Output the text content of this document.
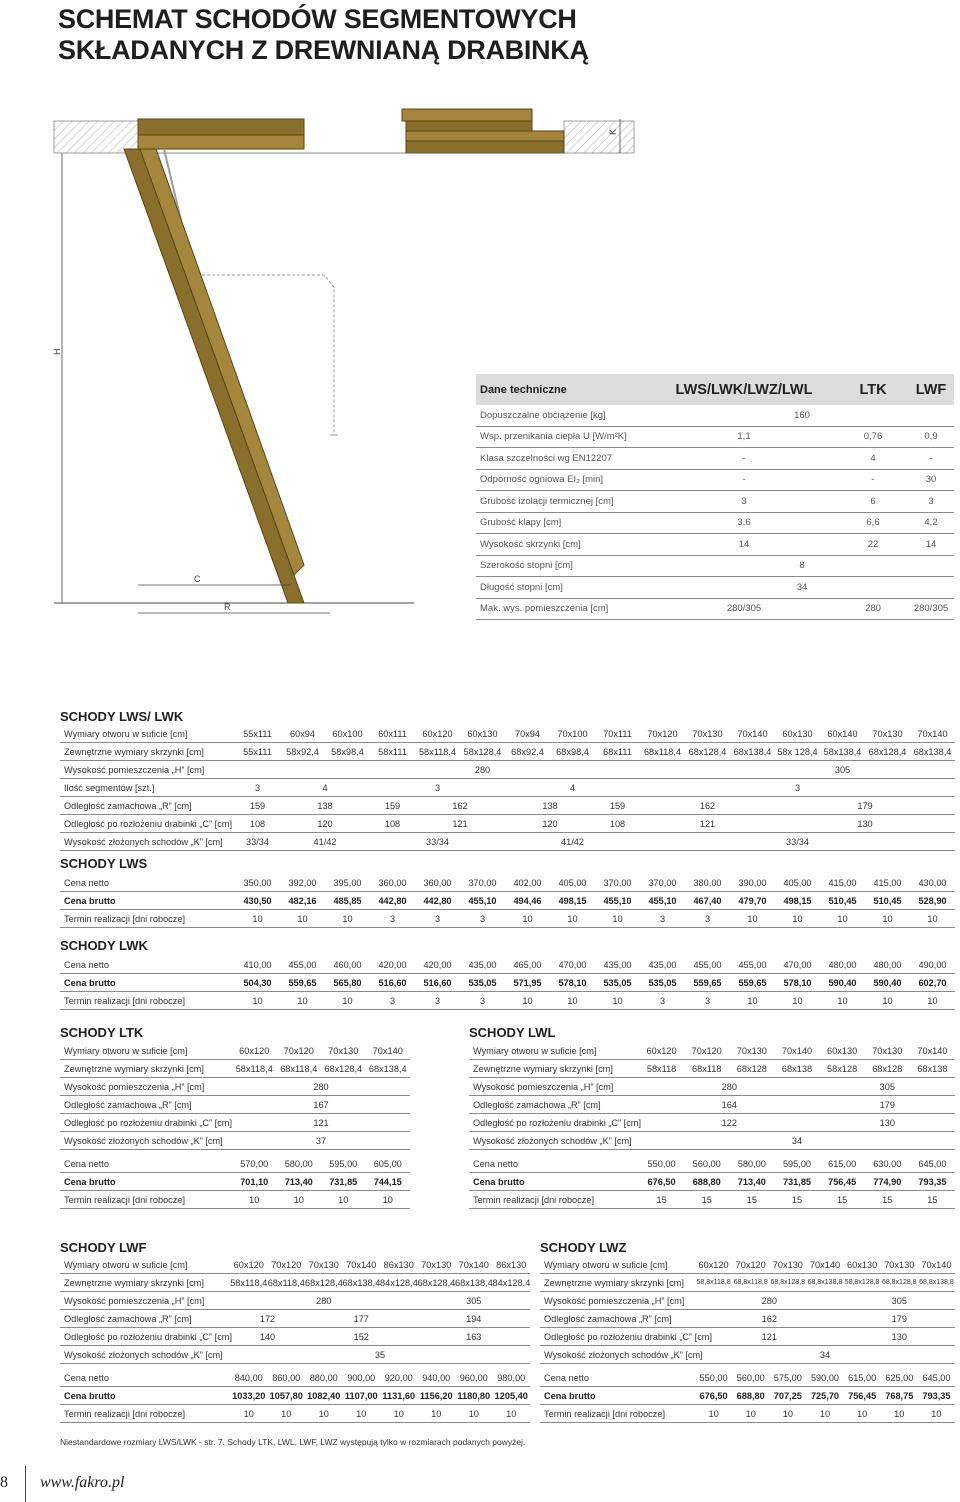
SCHEMAT SCHODÓW SEGMENTOWYCH
SKŁADANYCH Z DREWNIANĄ DRABINKĄ
K
H
C
R
Dane techniczne	LWS/LWK/LWZ/LWL	LTK	LWF
Dopuszczalne obciążenie [kg]	160
Wsp. przenikania ciepła U [W/m²K]	1,1	0,76	0,9
Klasa szczelności wg EN12207	-	4	-
Odporność ogniowa EI₂ [min]	-	-	30
Grubość izolacji termicznej [cm]	3	6	3
Grubość klapy [cm]	3,6	6,6	4,2
Wysokość skrzynki [cm]	14	22	14
Szerokość stopni [cm]	8
Długość stopni [cm]	34
Mak. wys. pomieszczenia [cm]	280/305	280	280/305
SCHODY LWS/ LWK
Wymiary otworu w suficie [cm]	55x111	60x94	60x100	60x111	60x120	60x130	70x94	70x100	70x111	70x120	70x130	70x140	60x130	60x140	70x130	70x140
Zewnętrzne wymiary skrzynki [cm]	55x111	58x92,4	58x98,4	58x111	58x118,4	58x128,4	68x92,4	68x98,4	68x111	68x118,4	68x128,4	68x138,4	58x 128,4	58x138,4	68x128,4	68x138,4
Wysokość pomieszczenia „H” [cm]	280											305				
Ilość segmentów [szt.]	3	4		3			4			3						
Odległość zamachowa „R” [cm]	159	138		159	162		138		159	162			179			
Odległość po rozłożeniu drabinki „C” [cm]	108	120		108	121		120		108	121			130			
Wysokość złożonych schodów „K” [cm]	33/34	41/42		33/34			41/42			33/34						
SCHODY LWS
Cena netto	350,00	392,00	395,00	360,00	360,00	370,00	402,00	405,00	370,00	370,00	380,00	390,00	405,00	415,00	415,00	430,00
Cena brutto	430,50	482,16	485,85	442,80	442,80	455,10	494,46	498,15	455,10	455,10	467,40	479,70	498,15	510,45	510,45	528,90
Termin realizacji [dni robocze]	10	10	10	3	3	3	10	10	10	3	3	10	10	10	10	10
SCHODY LWK
Cena netto	410,00	455,00	460,00	420,00	420,00	435,00	465,00	470,00	435,00	435,00	455,00	455,00	470,00	480,00	480,00	490,00
Cena brutto	504,30	559,65	565,80	516,60	516,60	535,05	571,95	578,10	535,05	535,05	559,65	559,65	578,10	590,40	590,40	602,70
Termin realizacji [dni robocze]	10	10	10	3	3	3	10	10	10	3	3	10	10	10	10	10
SCHODY LTK
Wymiary otworu w suficie [cm]	60x120	70x120	70x130	70x140
Zewnętrzne wymiary skrzynki [cm]	58x118,4	68x118,4	68x128,4	68x138,4
Wysokość pomieszczenia „H” [cm]	280			
Odległość zamachowa „R” [cm]	167			
Odległość po rozłożeniu drabinki „C” [cm]	121			
Wysokość złożonych schodów „K” [cm]	37			

Cena netto	570,00	580,00	595,00	605,00
Cena brutto	701,10	713,40	731,85	744,15
Termin realizacji [dni robocze]	10	10	10	10
SCHODY LWL
Wymiary otworu w suficie [cm]	60x120	70x120	70x130	70x140	60x130	70x130	70x140
Zewnętrzne wymiary skrzynki [cm]	58x118	68x118	68x128	68x138	58x128	68x128	68x138
Wysokość pomieszczenia „H” [cm]	280				305		
Odległość zamachowa „R” [cm]	164				179		
Odległość po rozłożeniu drabinki „C” [cm]	122				130		
Wysokość złożonych schodów „K” [cm]	34						

Cena netto	550,00	560,00	580,00	595,00	615,00	630,00	645,00
Cena brutto	676,50	688,80	713,40	731,85	756,45	774,90	793,35
Termin realizacji [dni robocze]	15	15	15	15	15	15	15
SCHODY LWF
Wymiary otworu w suficie [cm]	60x120	70x120	70x130	70x140	86x130	70x130	70x140	86x130
Zewnętrzne wymiary skrzynki [cm]	58x118,4	68x118,4	68x128,4	68x138,4	84x128,4	68x128,4	68x138,4	84x128,4
Wysokość pomieszczenia „H” [cm]	280					305		
Odległość zamachowa „R” [cm]	172		177			194		
Odległość po rozłożeniu drabinki „C” [cm]	140		152			163		
Wysokość złożonych schodów „K” [cm]	35							

Cena netto	840,00	860,00	880,00	900,00	920,00	940,00	960,00	980,00
Cena brutto	1033,20	1057,80	1082,40	1107,00	1131,60	1156,20	1180,80	1205,40
Termin realizacji [dni robocze]	10	10	10	10	10	10	10	10
SCHODY LWZ
Wymiary otworu w suficie [cm]	60x120	70x120	70x130	70x140	60x130	70x130	70x140
Zewnętrzne wymiary skrzynki [cm]	58,8x118,8	68,8x118,8	68,8x128,8	68,8x138,8	58,8x128,8	68,8x128,8	68,8x138,8
Wysokość pomieszczenia „H” [cm]	280				305		
Odległość zamachowa „R” [cm]	162				179		
Odległość po rozłożeniu drabinki „C” [cm]	121				130		
Wysokość złożonych schodów „K” [cm]	34						

Cena netto	550,00	560,00	575,00	590,00	615,00	625,00	645,00
Cena brutto	676,50	688,80	707,25	725,70	756,45	768,75	793,35
Termin realizacji [dni robocze]	10	10	10	10	10	10	10
Niestandardowe rozmiary LWS/LWK - str. 7. Schody LTK, LWL, LWF, LWZ występują tylko w rozmiarach podanych powyżej.
8 www.fakro.pl
